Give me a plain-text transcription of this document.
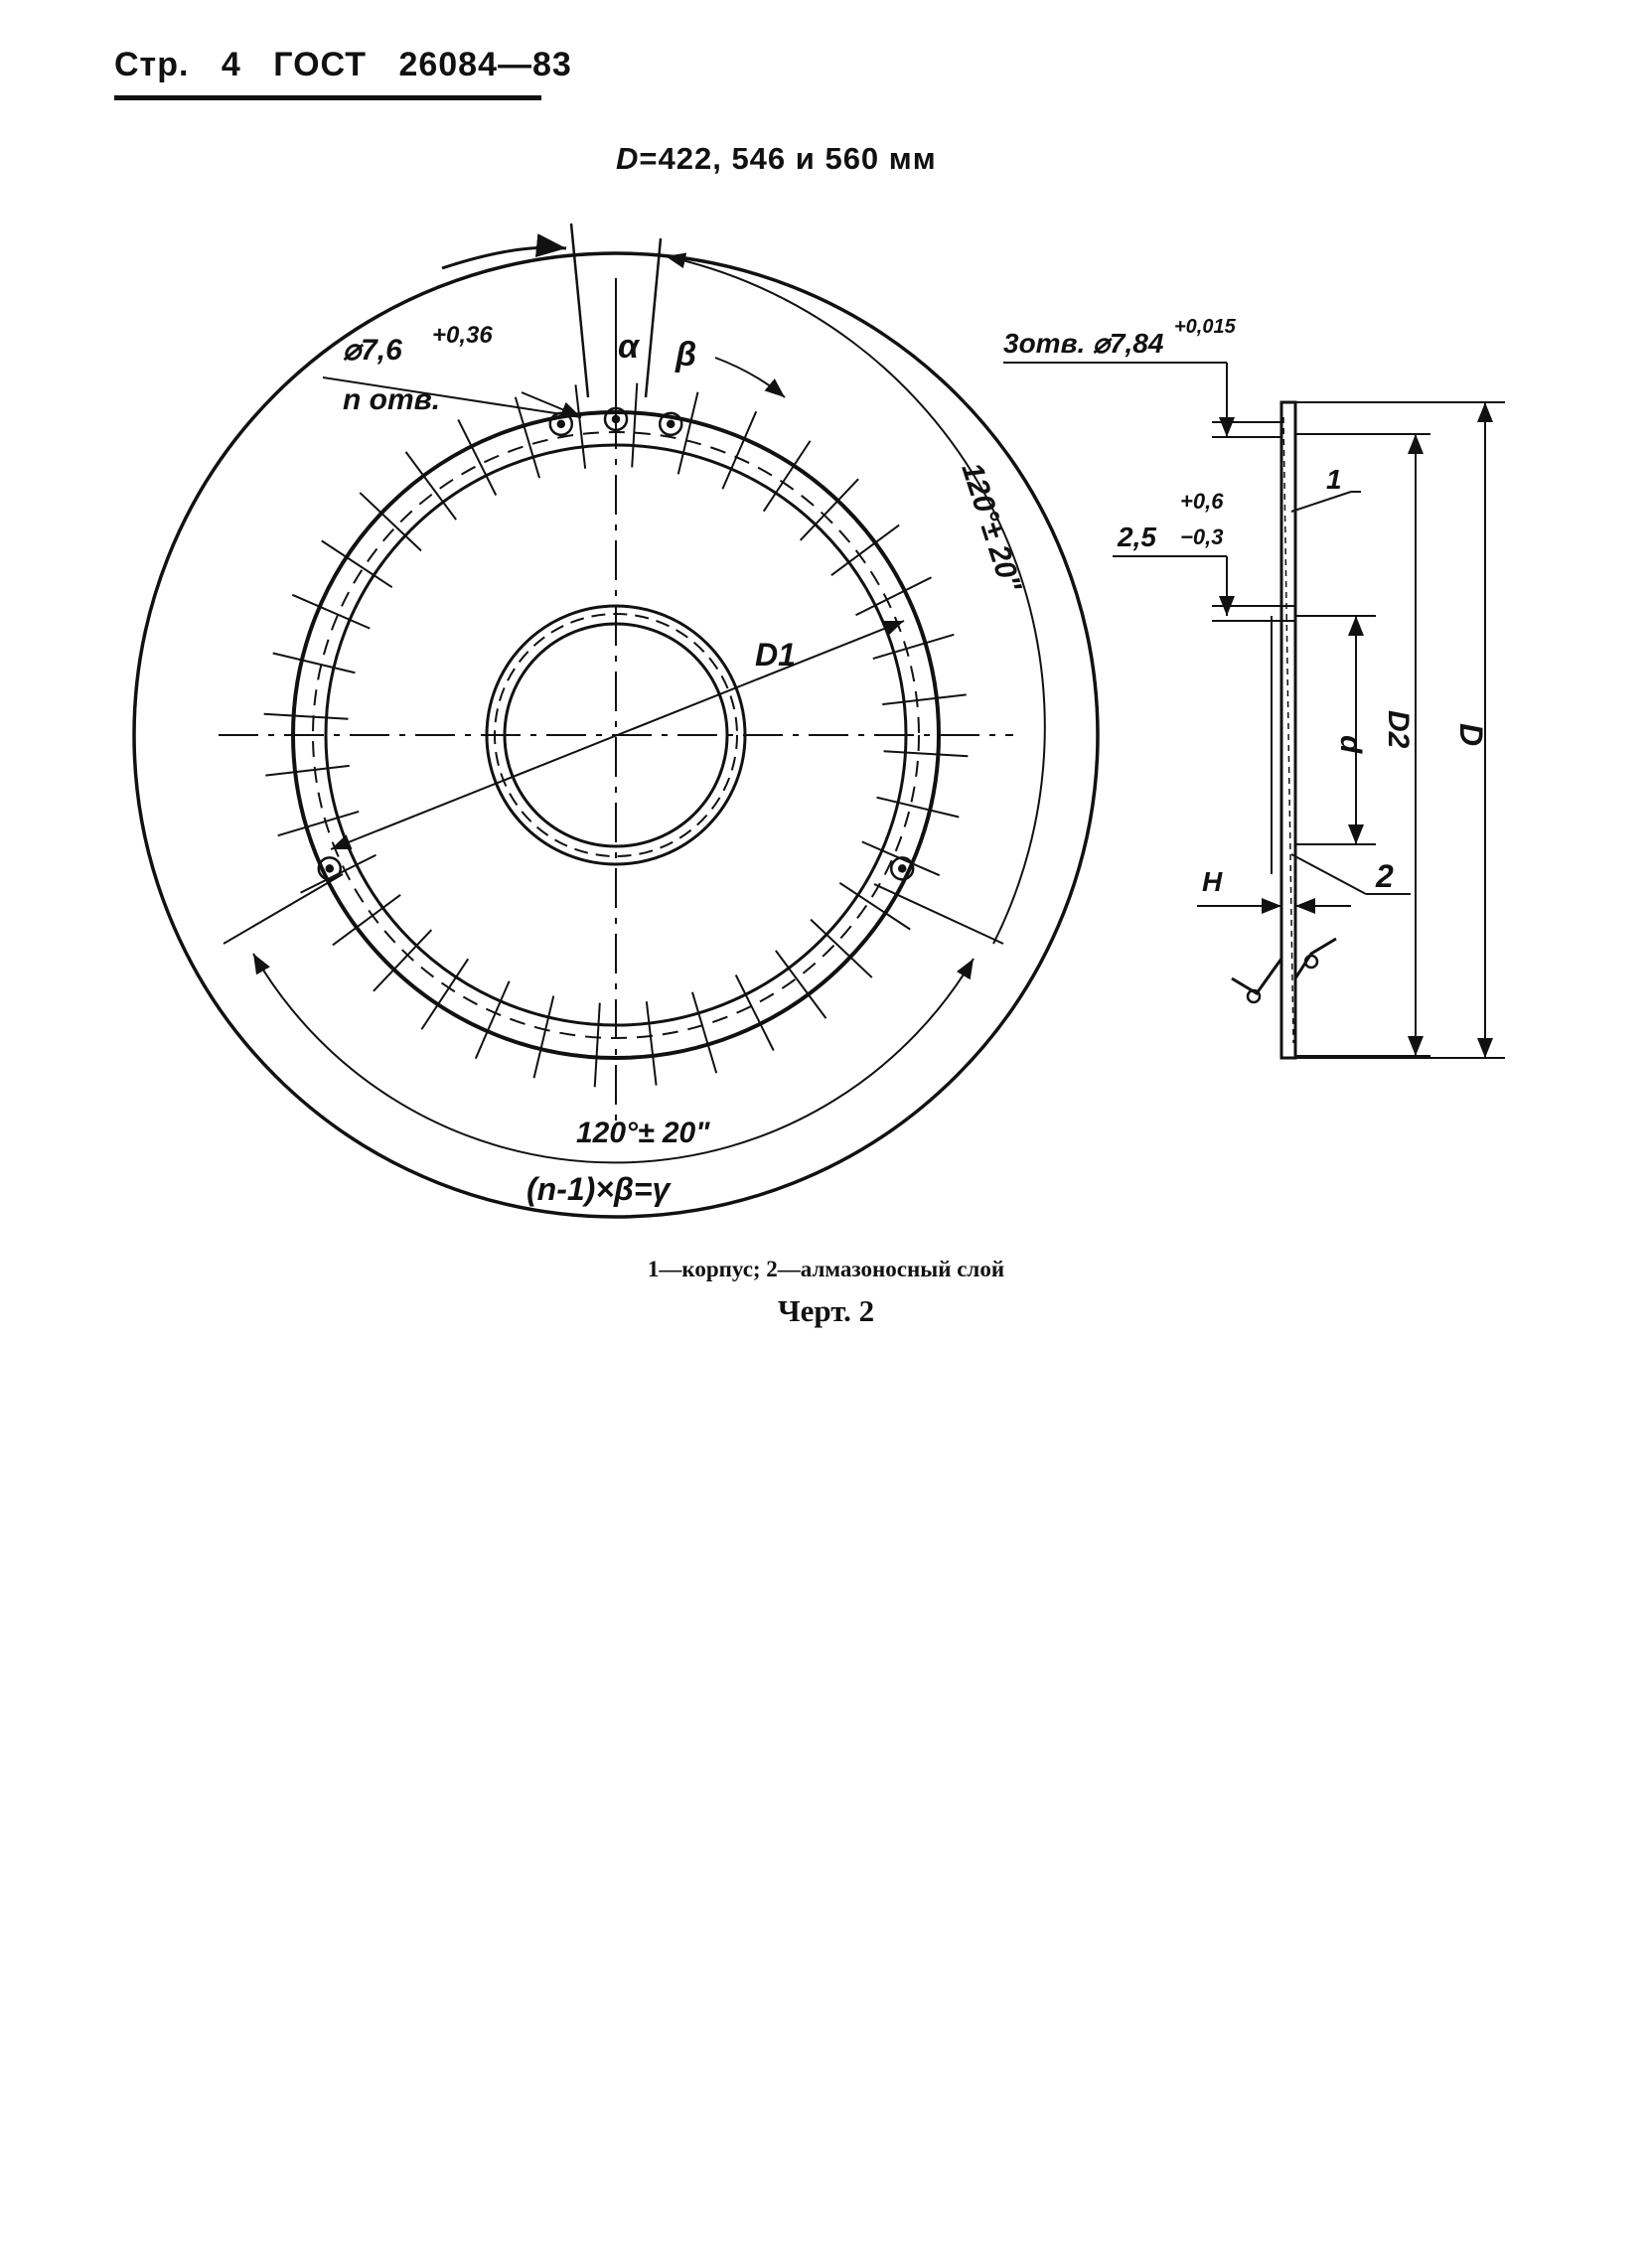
Стр. 4 ГОСТ 26084—83
D=422, 546 и 560 мм
⌀7,6 +0,36
n отв.
α β
120°± 20"
120°± 20"
D1
(n-1)×β=γ
3отв. ⌀7,84
+0,015
2,5
+0,6
−0,3
1
2
d D2 D
H
1—корпус; 2—алмазоносный слой
Черт. 2
